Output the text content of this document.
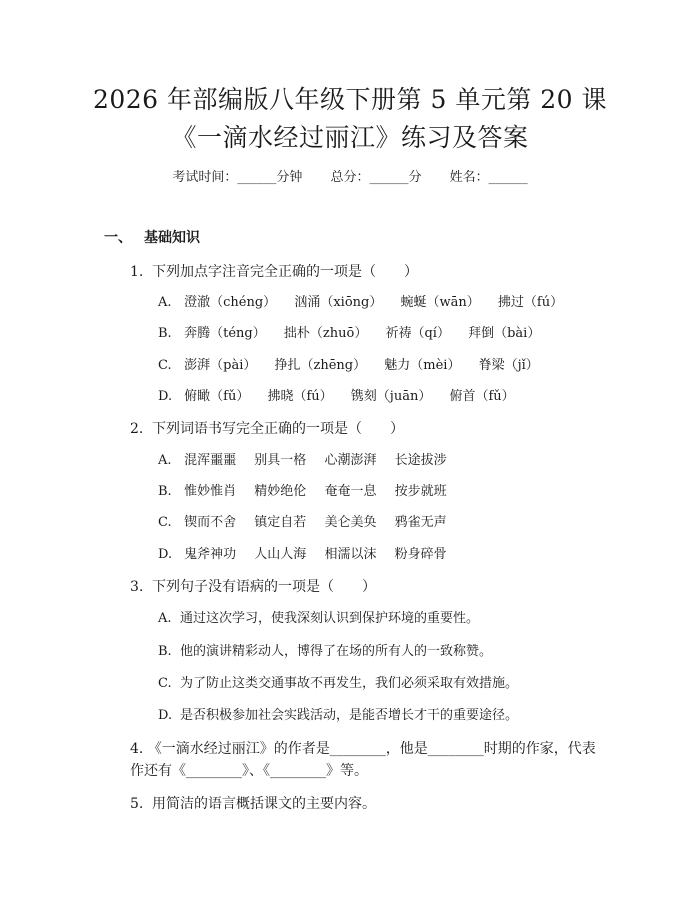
2026 年部编版八年级下册第 5 单元第 20 课
《一滴水经过丽江》练习及答案
考试时间：______分钟 总分：______分 姓名：______
一、 基础知识
1. 下列加点字注音完全正确的一项是（　　）
A. 澄澈（chéng） 汹涌（xiōng） 蜿蜒（wān） 拂过（fú）
B. 奔腾（téng） 拙朴（zhuō） 祈祷（qí） 拜倒（bài）
C. 澎湃（pài） 挣扎（zhēng） 魅力（mèi） 脊梁（jǐ）
D. 俯瞰（fǔ） 拂晓（fú） 镌刻（juān） 俯首（fǔ）
2. 下列词语书写完全正确的一项是（　　）
A. 混浑噩噩 别具一格 心潮澎湃 长途拔涉
B. 惟妙惟肖 精妙绝伦 奄奄一息 按步就班
C. 锲而不舍 镇定自若 美仑美奂 鸦雀无声
D. 鬼斧神功 人山人海 相濡以沫 粉身碎骨
3. 下列句子没有语病的一项是（　　）
A. 通过这次学习，使我深刻认识到保护环境的重要性。
B. 他的演讲精彩动人，博得了在场的所有人的一致称赞。
C. 为了防止这类交通事故不再发生，我们必须采取有效措施。
D. 是否积极参加社会实践活动，是能否增长才干的重要途径。
4. 《一滴水经过丽江》的作者是________，他是________时期的作家，代表作还有《________》、《________》等。
5. 用简洁的语言概括课文的主要内容。
